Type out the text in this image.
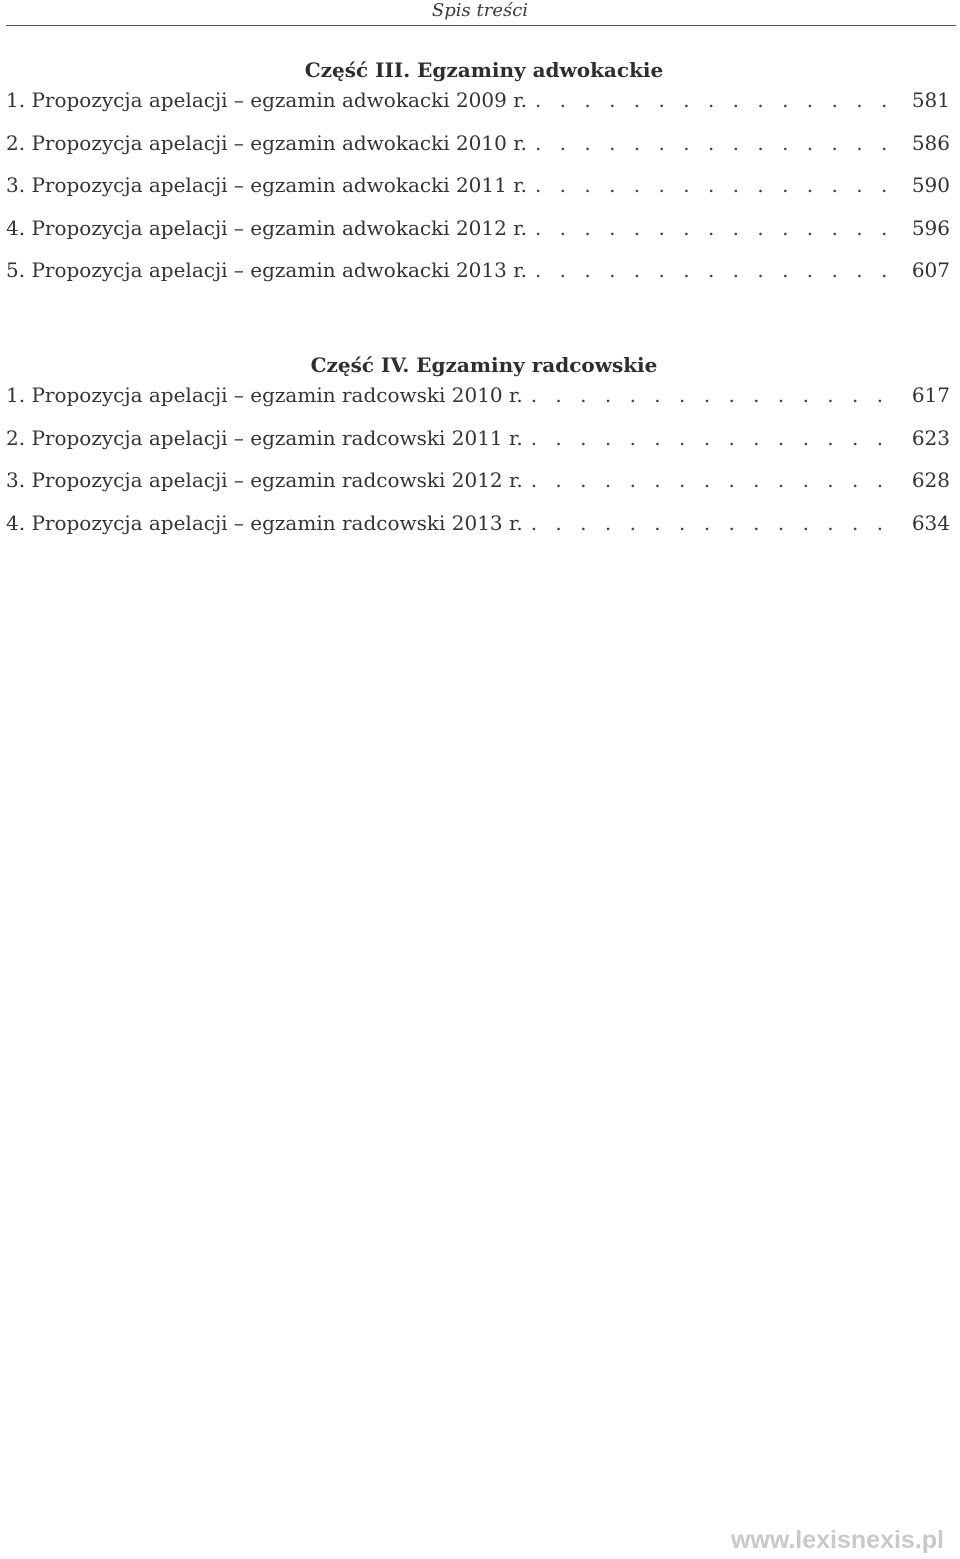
Spis treści
Część III. Egzaminy adwokackie
1. Propozycja apelacji – egzamin adwokacki 2009 r. . . .	581
2. Propozycja apelacji – egzamin adwokacki 2010 r. . . .	586
3. Propozycja apelacji – egzamin adwokacki 2011 r. . . .	590
4. Propozycja apelacji – egzamin adwokacki 2012 r. . . .	596
5. Propozycja apelacji – egzamin adwokacki 2013 r. . . .	607
Część IV. Egzaminy radcowskie
1. Propozycja apelacji – egzamin radcowski 2010 r. . . .	617
2. Propozycja apelacji – egzamin radcowski 2011 r. . . .	623
3. Propozycja apelacji – egzamin radcowski 2012 r. . . .	628
4. Propozycja apelacji – egzamin radcowski 2013 r. . . .	634
www.lexisnexis.pl
